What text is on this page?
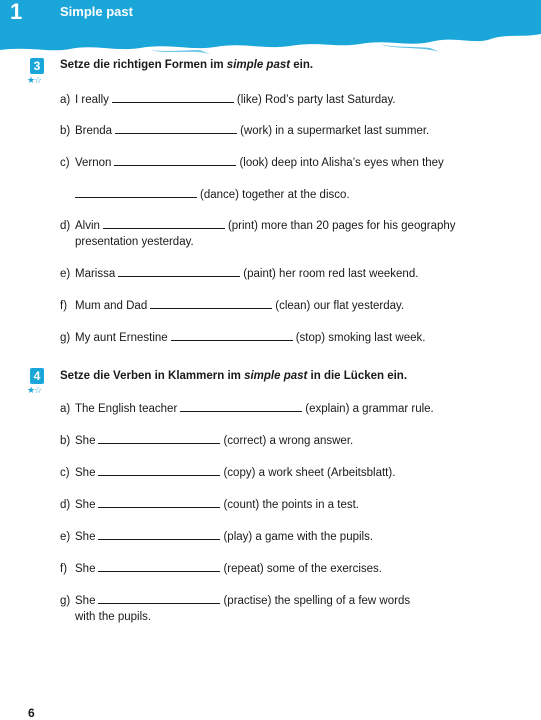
1	Simple past
3
★☆
Setze die richtigen Formen im simple past ein.
a) I really	(like) Rod’s party last Saturday.
b) Brenda	(work) in a supermarket last summer.
c) Vernon	(look) deep into Alisha’s eyes when they
(dance) together at the disco.
d) Alvin	(print) more than 20 pages for his geography
presentation yesterday.
e) Marissa	(paint) her room red last weekend.
f) Mum and Dad	(clean) our flat yesterday.
g) My aunt Ernestine	(stop) smoking last week.
4
★☆
Setze die Verben in Klammern im simple past in die Lücken ein.
a) The English teacher	(explain) a grammar rule.
b) She	(correct) a wrong answer.
c) She	(copy) a work sheet (Arbeitsblatt).
d) She	(count) the points in a test.
e) She	(play) a game with the pupils.
f) She	(repeat) some of the exercises.
g) She	(practise) the spelling of a few words
with the pupils.
6
